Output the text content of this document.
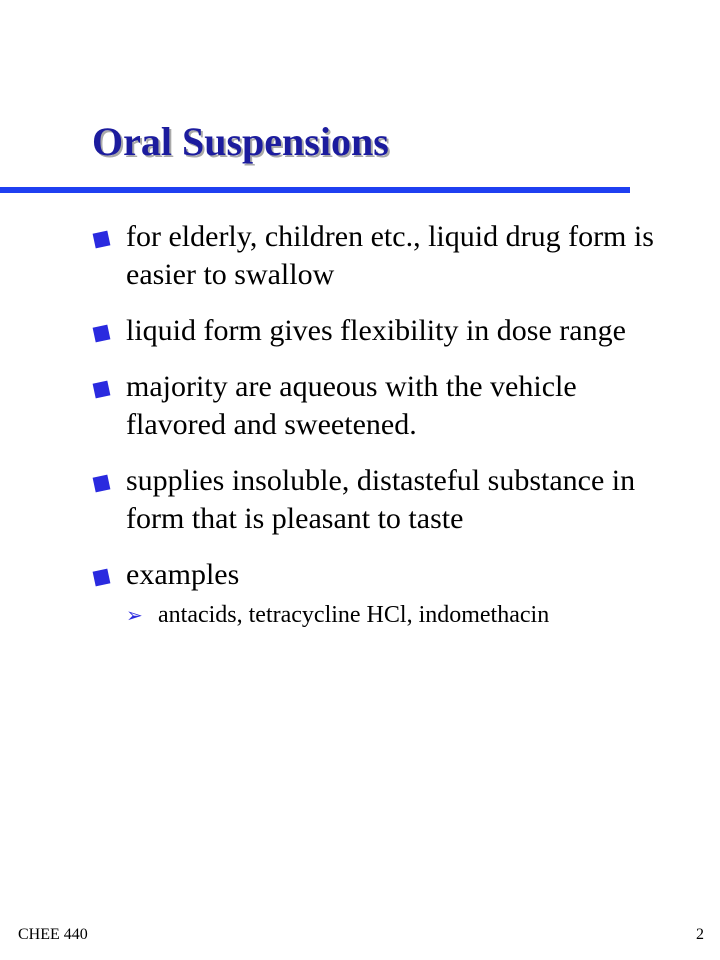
Oral Suspensions
for elderly, children etc., liquid drug form is easier to swallow
liquid form gives flexibility in dose range
majority are aqueous with the vehicle flavored and sweetened.
supplies insoluble, distasteful substance in form that is pleasant to taste
examples
➢ antacids, tetracycline HCl, indomethacin
CHEE 440	2
